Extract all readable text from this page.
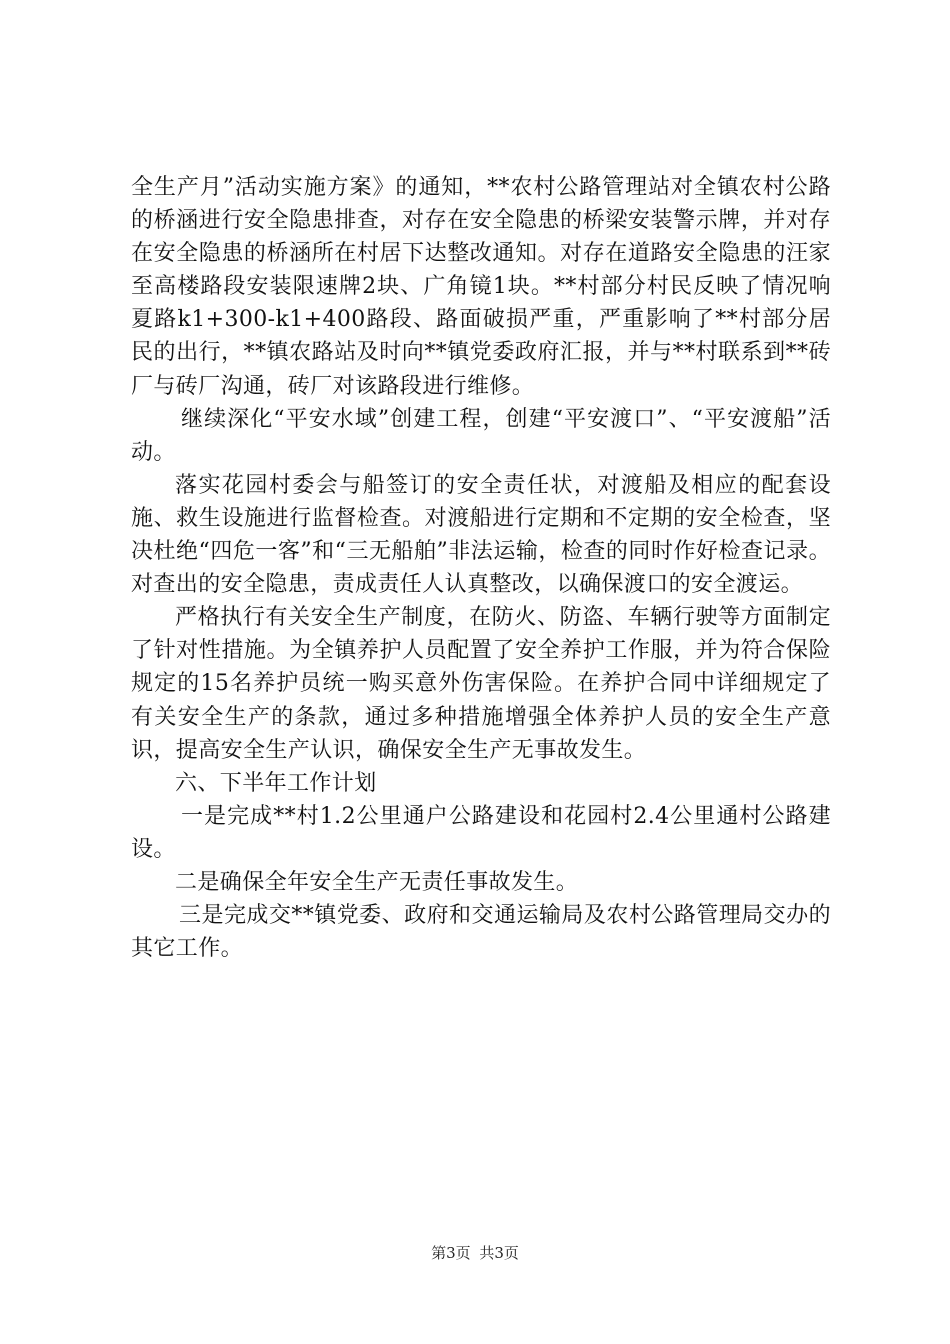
全生产月”活动实施方案》的通知，**农村公路管理站对全镇农村公路的桥涵进行安全隐患排查，对存在安全隐患的桥梁安装警示牌，并对存在安全隐患的桥涵所在村居下达整改通知。对存在道路安全隐患的汪家至高楼路段安装限速牌2块、广角镜1块。**村部分村民反映了情况响夏路k1+300-k1+400路段、路面破损严重，严重影响了**村部分居民的出行，**镇农路站及时向**镇党委政府汇报，并与**村联系到**砖厂与砖厂沟通，砖厂对该路段进行维修。

继续深化“平安水域”创建工程，创建“平安渡口”、“平安渡船”活动。

落实花园村委会与船签订的安全责任状，对渡船及相应的配套设施、救生设施进行监督检查。对渡船进行定期和不定期的安全检查，坚决杜绝“四危一客”和“三无船舶”非法运输，检查的同时作好检查记录。对查出的安全隐患，责成责任人认真整改，以确保渡口的安全渡运。

严格执行有关安全生产制度，在防火、防盗、车辆行驶等方面制定了针对性措施。为全镇养护人员配置了安全养护工作服，并为符合保险规定的15名养护员统一购买意外伤害保险。在养护合同中详细规定了有关安全生产的条款，通过多种措施增强全体养护人员的安全生产意识，提高安全生产认识，确保安全生产无事故发生。

六、下半年工作计划

一是完成**村1.2公里通户公路建设和花园村2.4公里通村公路建设。

二是确保全年安全生产无责任事故发生。

三是完成交**镇党委、政府和交通运输局及农村公路管理局交办的其它工作。

第3页 共3页
